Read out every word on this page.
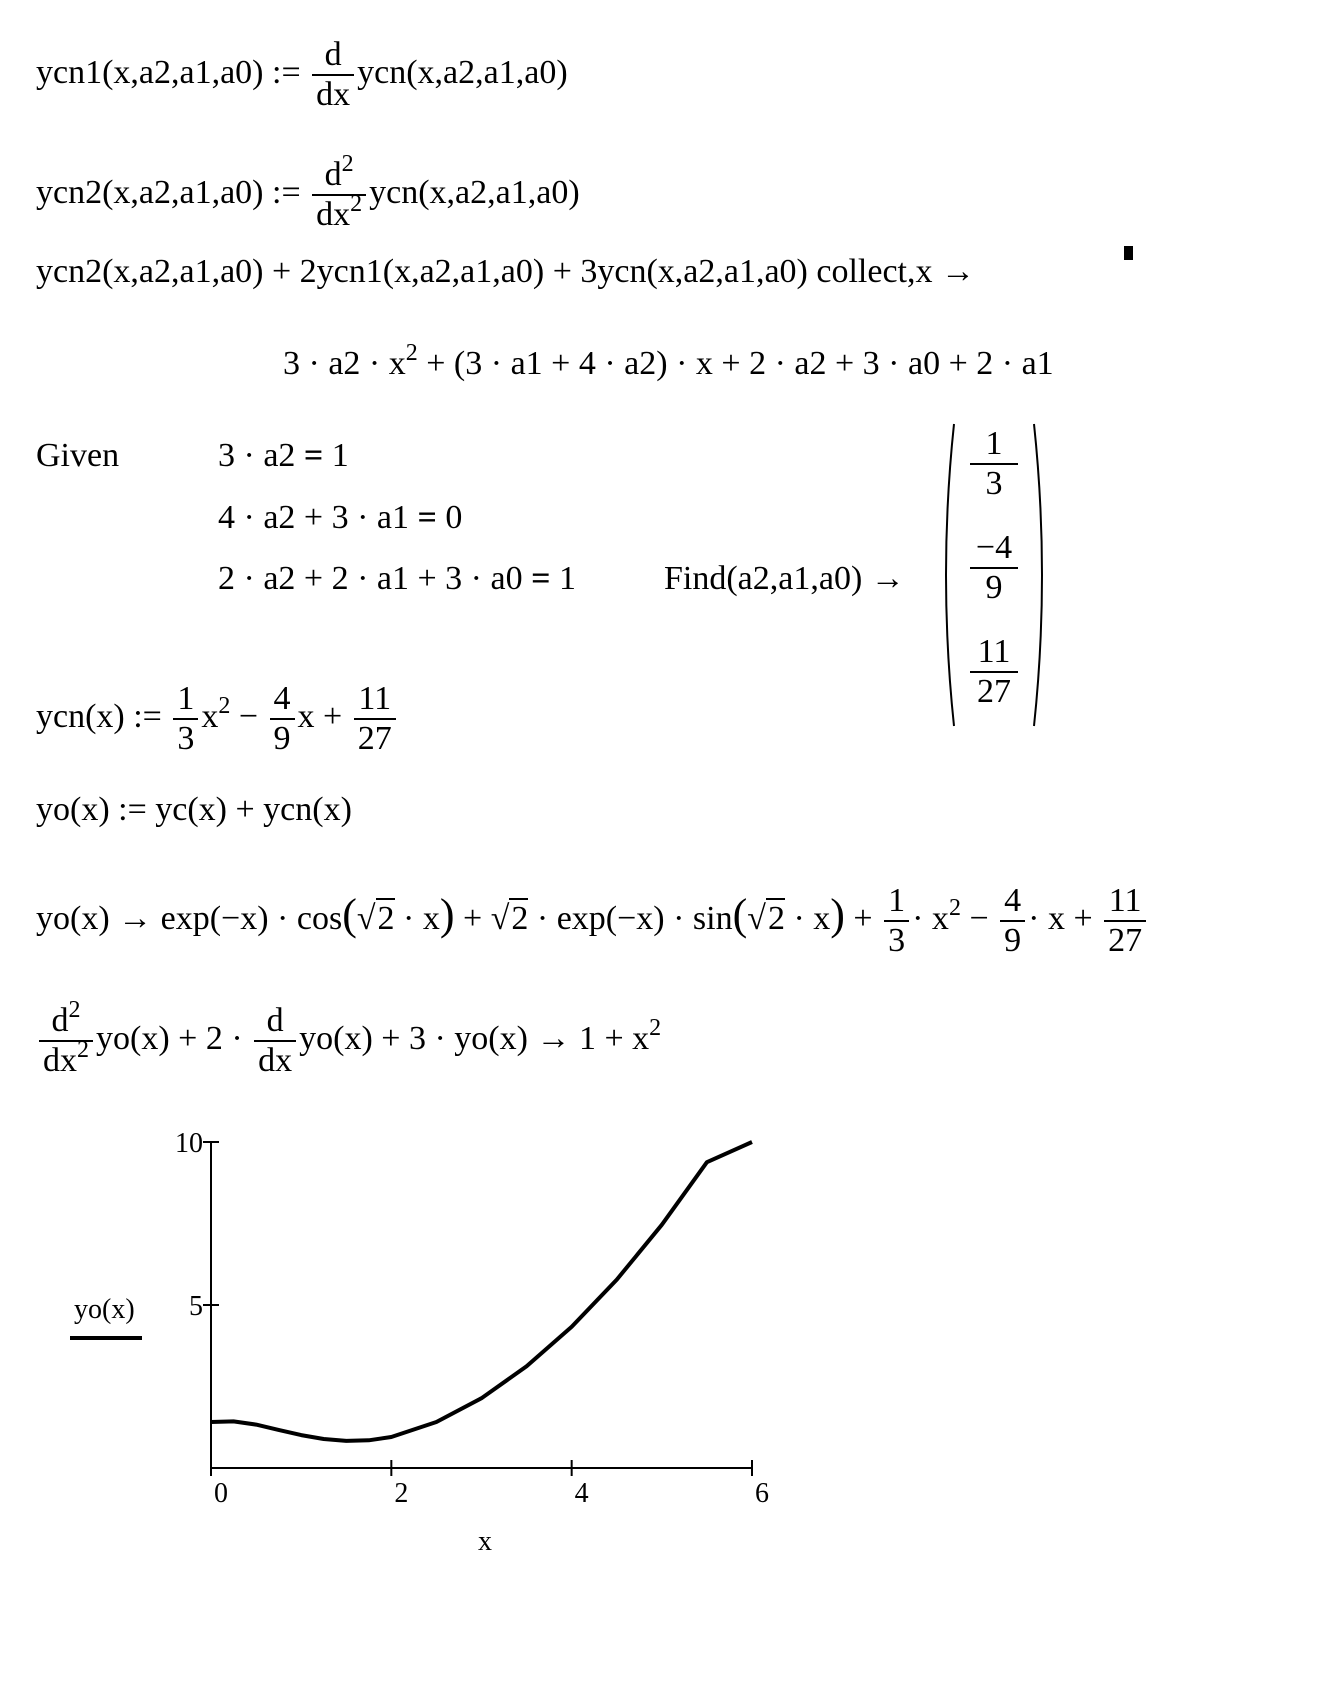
ycn1(x,a2,a1,a0) := $\frac{d}{dx} ycn(x,a2,a1,a0)$
ycn2(x,a2,a1,a0) := $\frac{d^2}{dx^2} ycn(x,a2,a1,a0)$
ycn2(x,a2,a1,a0) + 2ycn1(x,a2,a1,a0) + 3ycn(x,a2,a1,a0) collect,x →
$3 \cdot a2 \cdot x^2 + (3 \cdot a1 + 4 \cdot a2) \cdot x + 2 \cdot a2 + 3 \cdot a0 + 2 \cdot a1$
Given	3 · a2 = 1
4 · a2 + 3 · a1 = 0
2 · a2 + 2 · a1 + 3 · a0 = 1	Find(a2,a1,a0) →
1
3
−4
9
11
27
ycn(x) := $\frac{1}{3} x^2 - \frac{4}{9}$ $x + \frac{11}{27}$
yo(x) := yc(x) + ycn(x)
$yo(x) \to \exp(-x) \cdot \cos(√2 \cdot x) + √2 \cdot \exp(-x) \cdot \sin(√2 \cdot x) + \frac{1}{3} \cdot x^2 - \frac{4}{9} \cdot x + \frac{11}{27}$
$\frac{d^2}{dx^2} yo(x) + 2 \cdot \frac{d}{dx} yo(x) + 3 \cdot yo(x) \to 1 + x^2$
0	2	4	6
5
10
yo(x)
x
